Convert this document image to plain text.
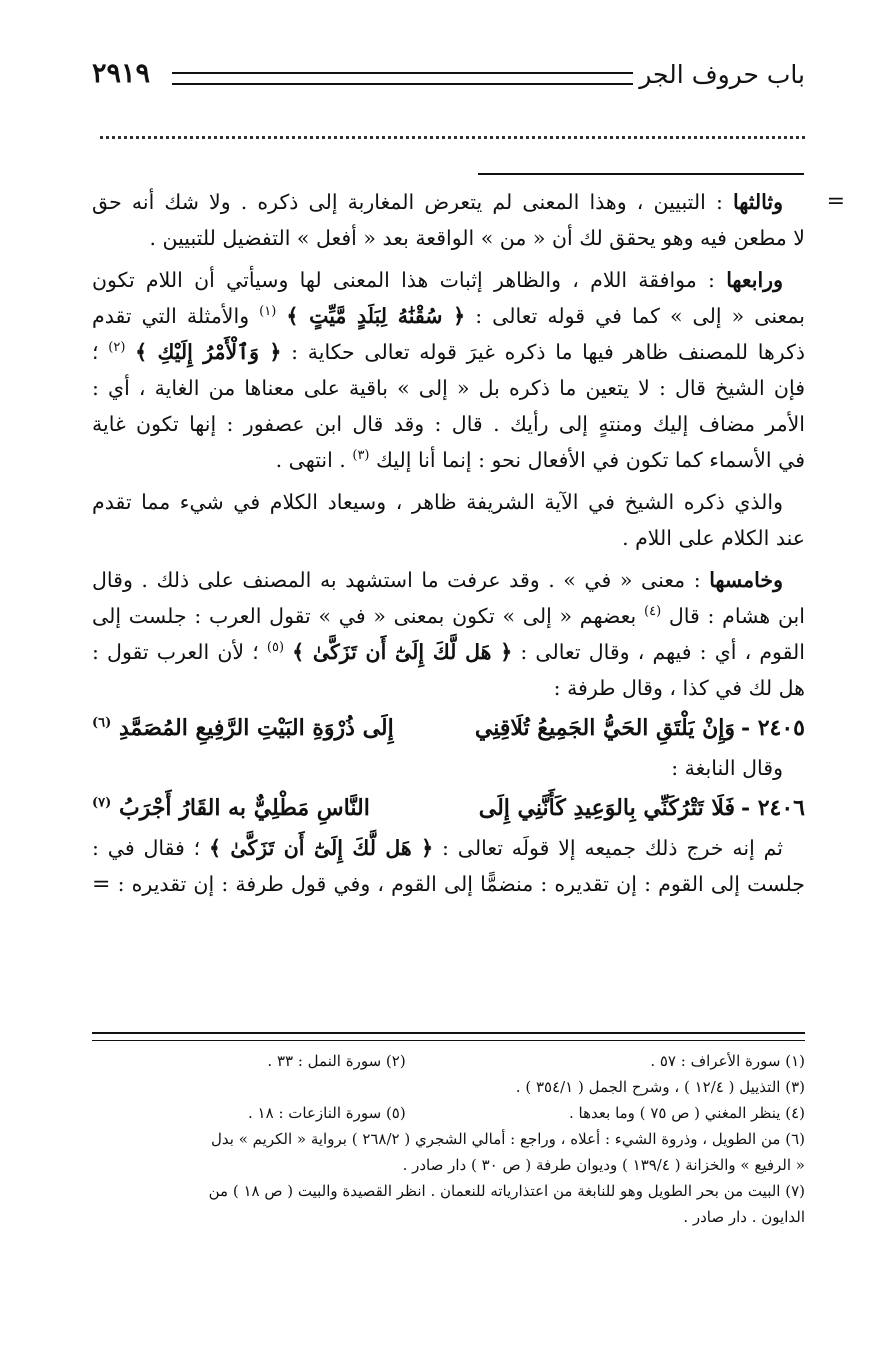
باب حروف الجر
٢٩١٩
=
وثالثها : التبيين ، وهذا المعنى لم يتعرض المغاربة إلى ذكره . ولا شك أنه حق
لا مطعن فيه وهو يحقق لك أن « من » الواقعة بعد « أفعل » التفضيل للتبيين .
ورابعها : موافقة اللام ، والظاهر إثبات هذا المعنى لها وسيأتي أن اللام تكون
بمعنى « إلى » كما في قوله تعالى : ﴿ سُقْنَٰهُ لِبَلَدٍ مَّيِّتٍ ﴾ $^{(١)}$ والأمثلة التي تقدم
ذكرها للمصنف ظاهر فيها ما ذكره غيرَ قوله تعالى حكاية : ﴿ وَٱلْأَمْرُ إِلَيْكِ ﴾ $^{(٢)}$ ؛
فإن الشيخ قال : لا يتعين ما ذكره بل « إلى » باقية على معناها من الغاية ، أي :
الأمر مضاف إليك ومنتهٍ إلى رأيك . قال : وقد قال ابن عصفور : إنها تكون غاية
في الأسماء كما تكون في الأفعال نحو : إنما أنا إليك $^{(٣)}$ . انتهى .
والذي ذكره الشيخ في الآية الشريفة ظاهر ، وسيعاد الكلام في شيء مما تقدم
عند الكلام على اللام .
وخامسها : معنى « في » . وقد عرفت ما استشهد به المصنف على ذلك . وقال
ابن هشام : قال $^{(٤)}$ بعضهم « إلى » تكون بمعنى « في » تقول العرب : جلست إلى
القوم ، أي : فيهم ، وقال تعالى : ﴿ هَل لَّكَ إِلَىٰٓ أَن تَزَكَّىٰ ﴾ $^{(٥)}$ ؛ لأن العرب تقول :
هل لك في كذا ، وقال طرفة :
٢٤٠٥ -
وَإِنْ يَلْتَقِ الحَيُّ الجَمِيعُ تُلَاقِنِي
إِلَى ذُرْوَةِ البَيْتِ الرَّفِيعِ المُصَمَّدِ $^{(٦)}$
وقال النابغة :
٢٤٠٦ -
فَلَا تَتْرُكَنِّي بِالوَعِيدِ كَأَنَّنِي إِلَى
النَّاسِ مَطْلِيٌّ به القَارُ أَجْرَبُ $^{(٧)}$
ثم إنه خرج ذلك جميعه إلا قولَه تعالى : ﴿ هَل لَّكَ إِلَىٰٓ أَن تَزَكَّىٰ ﴾ ؛ فقال في :
جلست إلى القوم : إن تقديره : منضمًّا إلى القوم ، وفي قول طرفة : إن تقديره : =
(١) سورة الأعراف : ٥٧ .
(٢) سورة النمل : ٣٣ .
(٣) التذييل ( ١٢/٤ ) ، وشرح الجمل ( ٣٥٤/١ ) .
(٤) ينظر المغني ( ص ٧٥ ) وما بعدها .
(٥) سورة النازعات : ١٨ .
(٦) من الطويل ، وذروة الشيء : أعلاه ، وراجع : أمالي الشجري ( ٢٦٨/٢ ) برواية « الكريم » بدل
« الرفيع » والخزانة ( ١٣٩/٤ ) وديوان طرفة ( ص ٣٠ ) دار صادر .
(٧) البيت من بحر الطويل وهو للنابغة من اعتذارياته للنعمان . انظر القصيدة والبيت ( ص ١٨ ) من
الدايون . دار صادر .
